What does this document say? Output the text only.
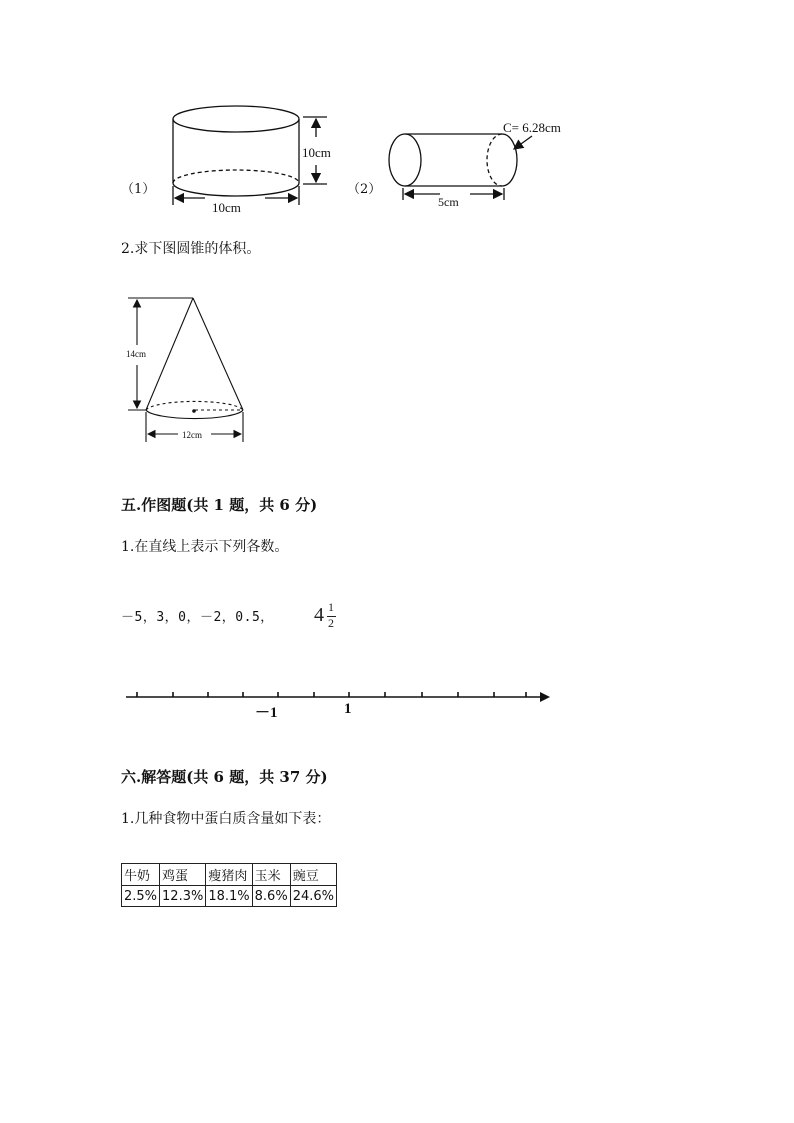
（1）
10cm
10cm
（2）
C= 6.28cm
5cm
2.求下图圆锥的体积。
14cm
12cm
五.作图题(共 1 题，共 6 分)
1.在直线上表示下列各数。
－5，3，0，－2，0.5， 4 1
2
－1	1
六.解答题(共 6 题，共 37 分)
1.几种食物中蛋白质含量如下表：
牛奶	鸡蛋	瘦猪肉	玉米	豌豆
2.5%	12.3%	18.1%	8.6%	24.6%
